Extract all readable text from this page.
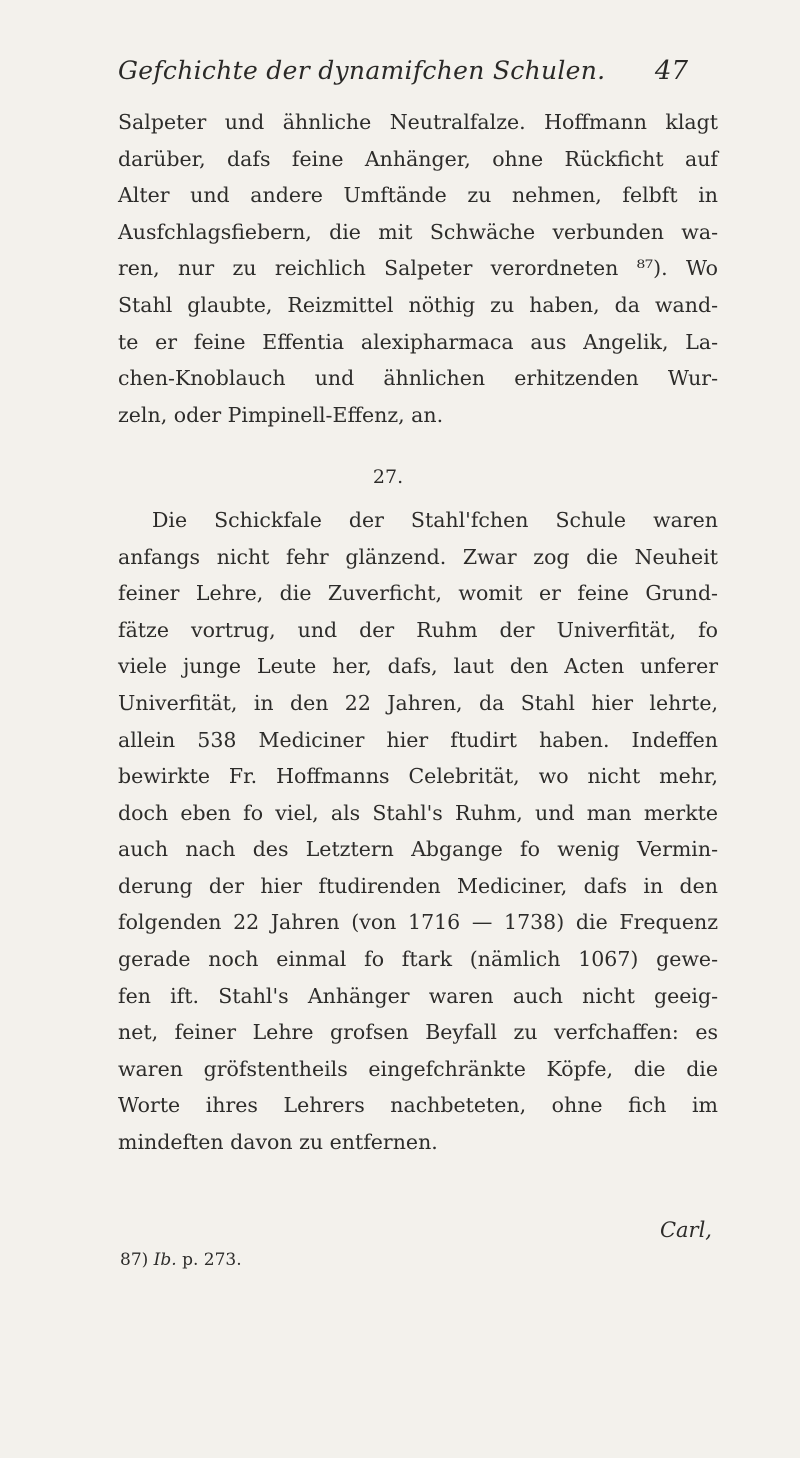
Gefchichte der dynamifchen Schulen. 47
Salpeter und ähnliche Neutralfalze. Hoffmann klagt
darüber, dafs feine Anhänger, ohne Rückficht auf
Alter und andere Umftände zu nehmen, felbft in
Ausfchlagsfiebern, die mit Schwäche verbunden wa-
ren, nur zu reichlich Salpeter verordneten ⁸⁷). Wo
Stahl glaubte, Reizmittel nöthig zu haben, da wand-
te er feine Effentia alexipharmaca aus Angelik, La-
chen-Knoblauch und ähnlichen erhitzenden Wur-
zeln, oder Pimpinell-Effenz, an.
27.
Die Schickfale der Stahl'fchen Schule waren
anfangs nicht fehr glänzend. Zwar zog die Neuheit
feiner Lehre, die Zuverficht, womit er feine Grund-
fätze vortrug, und der Ruhm der Univerfität, fo
viele junge Leute her, dafs, laut den Acten unferer
Univerfität, in den 22 Jahren, da Stahl hier lehrte,
allein 538 Mediciner hier ftudirt haben. Indeffen
bewirkte Fr. Hoffmanns Celebrität, wo nicht mehr,
doch eben fo viel, als Stahl's Ruhm, und man merkte
auch nach des Letztern Abgange fo wenig Vermin-
derung der hier ftudirenden Mediciner, dafs in den
folgenden 22 Jahren (von 1716 — 1738) die Frequenz
gerade noch einmal fo ftark (nämlich 1067) gewe-
fen ift. Stahl's Anhänger waren auch nicht geeig-
net, feiner Lehre grofsen Beyfall zu verfchaffen: es
waren gröfstentheils eingefchränkte Köpfe, die die
Worte ihres Lehrers nachbeteten, ohne fich im
mindeften davon zu entfernen.
Carl,
87) Ib. p. 273.
